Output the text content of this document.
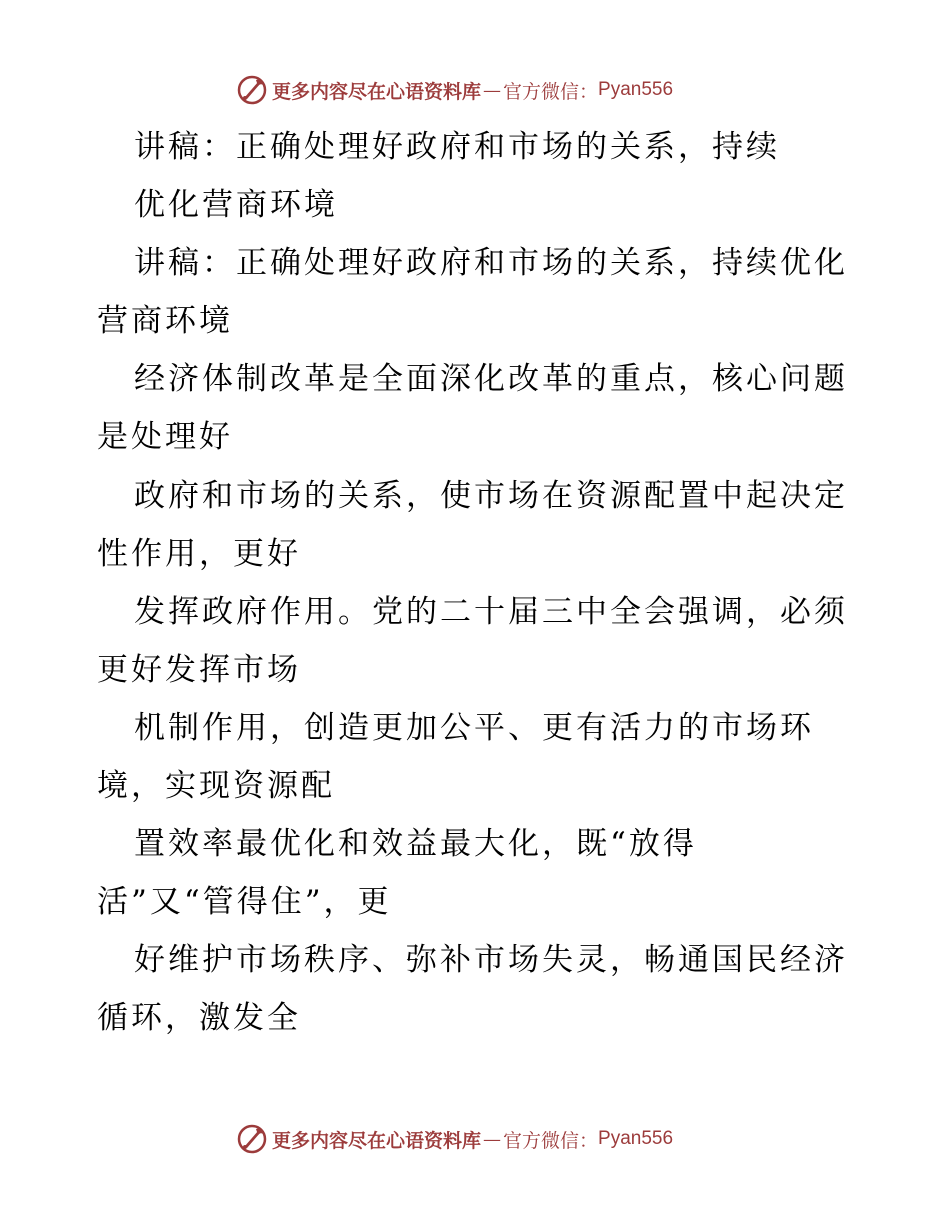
更多内容尽在心语资料库 — 官方微信： Pyan556
讲稿：正确处理好政府和市场的关系，持续
优化营商环境
讲稿：正确处理好政府和市场的关系，持续优化
营商环境
经济体制改革是全面深化改革的重点，核心问题
是处理好
政府和市场的关系，使市场在资源配置中起决定
性作用，更好
发挥政府作用。党的二十届三中全会强调，必须
更好发挥市场
机制作用，创造更加公平、更有活力的市场环
境，实现资源配
置效率最优化和效益最大化，既“放得
活”又“管得住”，更
好维护市场秩序、弥补市场失灵，畅通国民经济
循环，激发全
更多内容尽在心语资料库 — 官方微信： Pyan556
